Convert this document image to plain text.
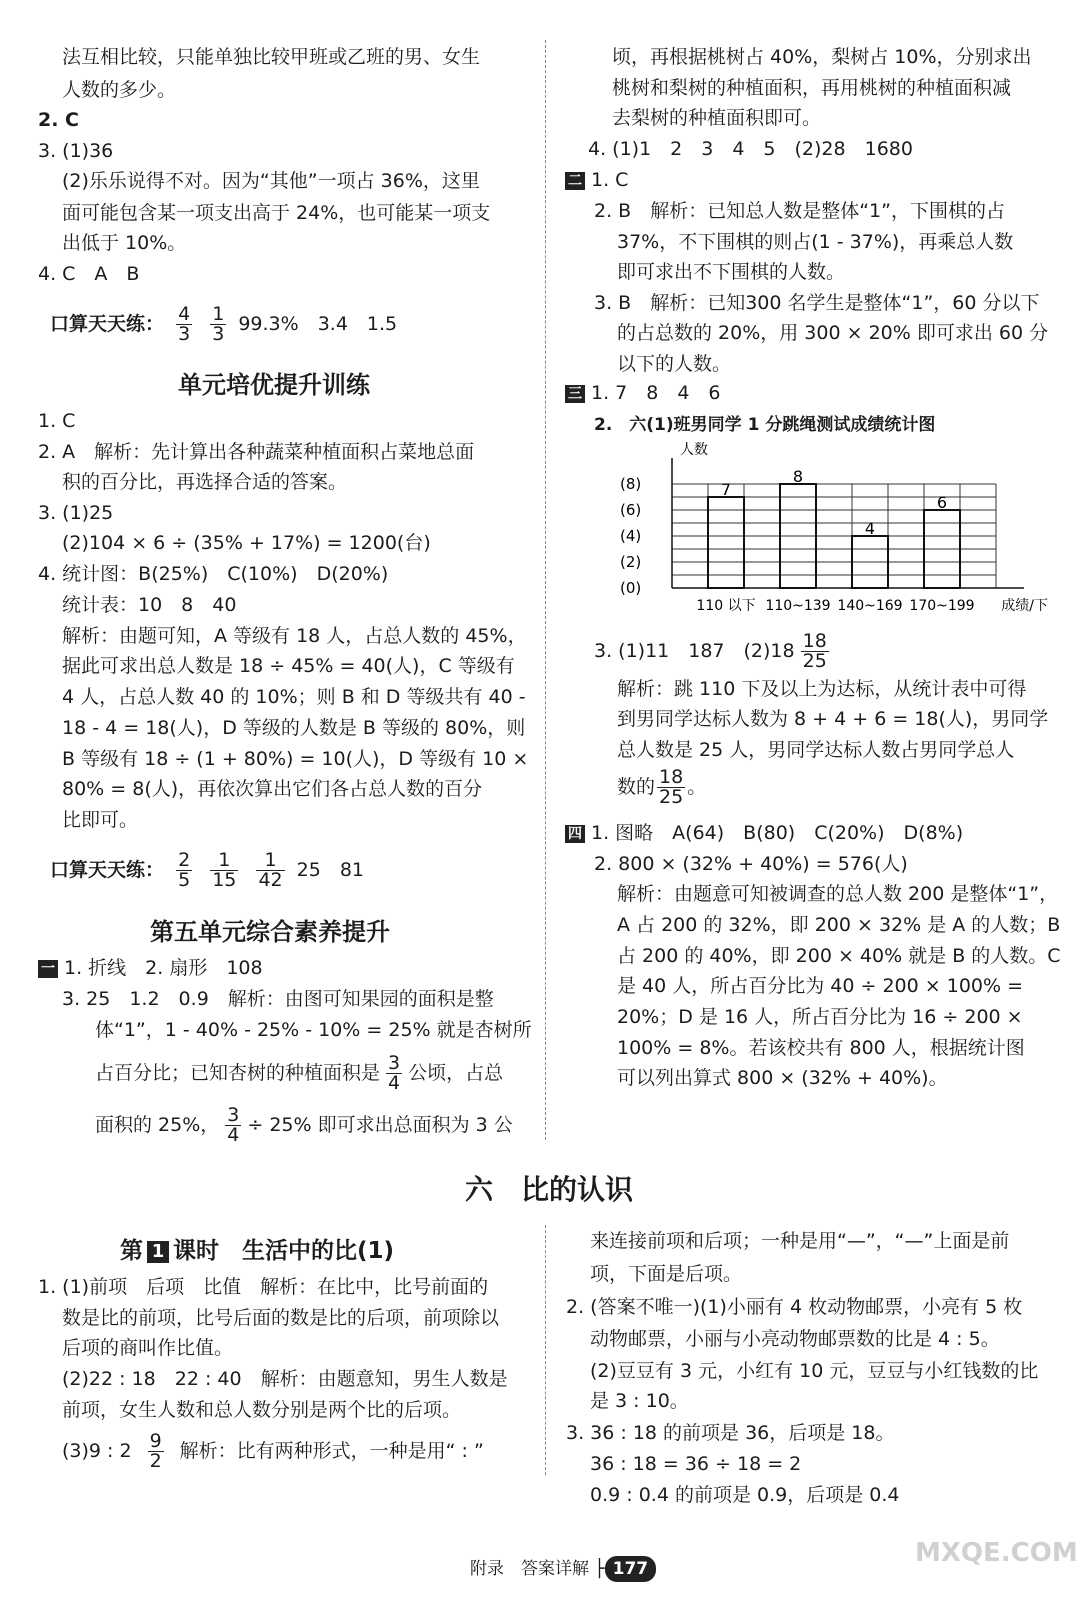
法互相比较，只能单独比较甲班或乙班的男、女生
人数的多少。
2. C
3. (1)36
(2)乐乐说得不对。因为“其他”一项占 36%，这里
面可能包含某一项支出高于 24%，也可能某一项支
出低于 10%。
4. C　A　B
口算天天练： $\frac{4}{3}$
$\frac{1}{3} 99.3\%$　3.4　1.5
单元培优提升训练
1. C
2. A　解析：先计算出各种蔬菜种植面积占菜地总面
积的百分比，再选择合适的答案。
3. (1)25
(2)104 × 6 ÷ (35% + 17%) = 1200(台)
4. 统计图：B(25%)　C(10%)　D(20%)
统计表：10　8　40
解析：由题可知，A 等级有 18 人，占总人数的 45%，
据此可求出总人数是 18 ÷ 45% = 40(人)，C 等级有
4 人，占总人数 40 的 10%；则 B 和 D 等级共有 40 -
18 - 4 = 18(人)，D 等级的人数是 B 等级的 80%，则
B 等级有 18 ÷ (1 + 80%) = 10(人)，D 等级有 10 ×
80% = 8(人)，再依次算出它们各占总人数的百分
比即可。
口算天天练： $\frac{2}{5}$
$\frac{1}{15}$
$\frac{1}{42} 25$　81
第五单元综合素养提升
一 1. 折线　2. 扇形　108
3. 25　1.2　0.9　解析：由图可知果园的面积是整
体“1”，1 - 40% - 25% - 10% = 25% 就是杏树所
占百分比；已知杏树的种植面积是 $\frac{3}{4}$ 公顷，占总
面积的 25%， $\frac{3}{4} \div 25\%$ 即可求出总面积为 3 公
顷，再根据桃树占 40%，梨树占 10%，分别求出
桃树和梨树的种植面积，再用桃树的种植面积减
去梨树的种植面积即可。
4. (1)1　2　3　4　5　(2)28　1680
二 1. C
2. B　解析：已知总人数是整体“1”，下围棋的占
37%，不下围棋的则占(1 - 37%)，再乘总人数
即可求出不下围棋的人数。
3. B　解析：已知300 名学生是整体“1”，60 分以下
的占总数的 20%，用 300 × 20% 即可求出 60 分
以下的人数。
三 1. 7　8　4　6
2.　六(1)班男同学 1 分跳绳测试成绩统计图
人数
(8)
(6)
(4)
(2)
(0)
7
110 以下
8
110~139
4
140~169
6
170~199 成绩/下
3. (1)11　187　$(2)18 \frac{18}{25}$
解析：跳 110 下及以上为达标，从统计表中可得
到男同学达标人数为 8 + 4 + 6 = 18(人)，男同学
总人数是 25 人，男同学达标人数占男同学总人
数的 $\frac{18}{25}$ 。
四 1. 图略　A(64)　B(80)　C(20%)　D(8%)
2. 800 × (32% + 40%) = 576(人)
解析：由题意可知被调查的总人数 200 是整体“1”，
A 占 200 的 32%，即 200 × 32% 是 A 的人数；B
占 200 的 40%，即 200 × 40% 就是 B 的人数。C
是 40 人，所占百分比为 40 ÷ 200 × 100% =
20%；D 是 16 人，所占百分比为 16 ÷ 200 ×
100% = 8%。若该校共有 800 人，根据统计图
可以列出算式 800 × (32% + 40%)。
六　比的认识
第 1 课时　生活中的比(1)
1. (1)前项　后项　比值　解析：在比中，比号前面的
数是比的前项，比号后面的数是比的后项，前项除以
后项的商叫作比值。
(2)22 : 18　22 : 40　解析：由题意知，男生人数是
前项，女生人数和总人数分别是两个比的后项。
(3)9 : $2 \frac{9}{2}$ 解析：比有两种形式，一种是用“ : ”
来连接前项和后项；一种是用“—”，“—”上面是前
项，下面是后项。
2. (答案不唯一)(1)小丽有 4 枚动物邮票，小亮有 5 枚
动物邮票，小丽与小亮动物邮票数的比是 4 : 5。
(2)豆豆有 3 元，小红有 10 元，豆豆与小红钱数的比
是 3 : 10。
3. 36 : 18 的前项是 36，后项是 18。
36 : 18 = 36 ÷ 18 = 2
0.9 : 0.4 的前项是 0.9，后项是 0.4
附录　答案详解 ├ 177
MXQE.COM
